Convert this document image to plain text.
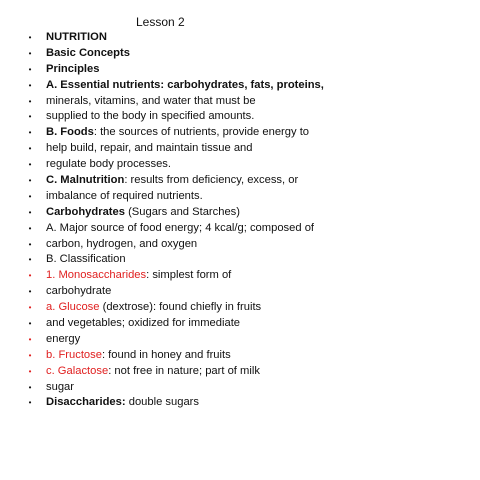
Lesson 2
• NUTRITION
• Basic Concepts
• Principles
• A. Essential nutrients: carbohydrates, fats, proteins,
• minerals, vitamins, and water that must be
• supplied to the body in specified amounts.
• B. Foods: the sources of nutrients, provide energy to
• help build, repair, and maintain tissue and
• regulate body processes.
• C. Malnutrition: results from deficiency, excess, or
• imbalance of required nutrients.
• Carbohydrates (Sugars and Starches)
• A. Major source of food energy; 4 kcal/g; composed of
• carbon, hydrogen, and oxygen
• B. Classification
• 1. Monosaccharides: simplest form of
• carbohydrate
• a. Glucose (dextrose): found chiefly in fruits
• and vegetables; oxidized for immediate
• energy
• b. Fructose: found in honey and fruits
• c. Galactose: not free in nature; part of milk
• sugar
• Disaccharides: double sugars
